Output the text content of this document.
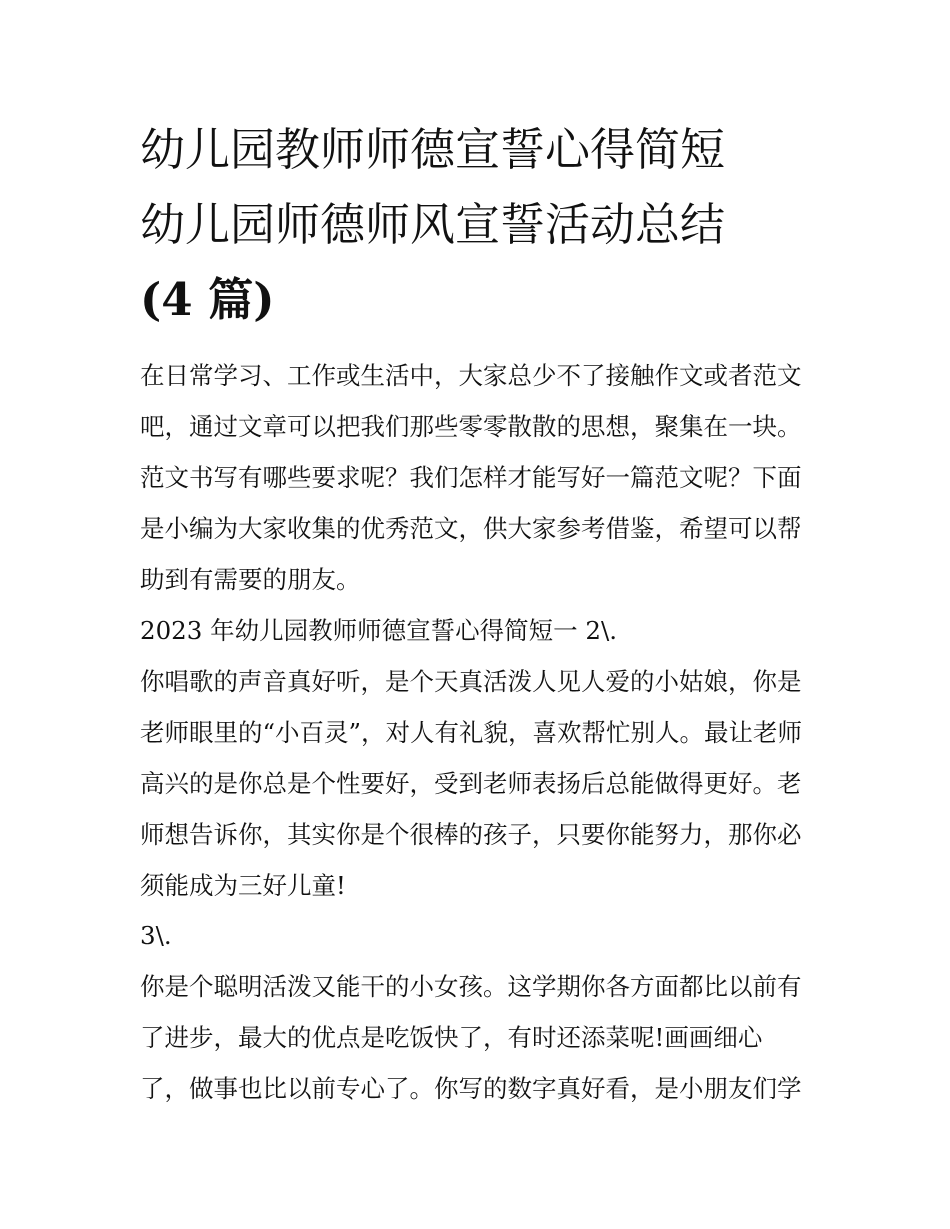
幼儿园教师师德宣誓心得简短
幼儿园师德师风宣誓活动总结
(4 篇)
在日常学习、工作或生活中，大家总少不了接触作文或者范文
吧，通过文章可以把我们那些零零散散的思想，聚集在一块。
范文书写有哪些要求呢？我们怎样才能写好一篇范文呢？下面
是小编为大家收集的优秀范文，供大家参考借鉴，希望可以帮
助到有需要的朋友。
2023 年幼儿园教师师德宣誓心得简短一 2\.
你唱歌的声音真好听，是个天真活泼人见人爱的小姑娘，你是
老师眼里的“小百灵”，对人有礼貌，喜欢帮忙别人。最让老师
高兴的是你总是个性要好，受到老师表扬后总能做得更好。老
师想告诉你，其实你是个很棒的孩子，只要你能努力，那你必
须能成为三好儿童!
3\.
你是个聪明活泼又能干的小女孩。这学期你各方面都比以前有
了进步，最大的优点是吃饭快了，有时还添菜呢!画画细心
了，做事也比以前专心了。你写的数字真好看，是小朋友们学
